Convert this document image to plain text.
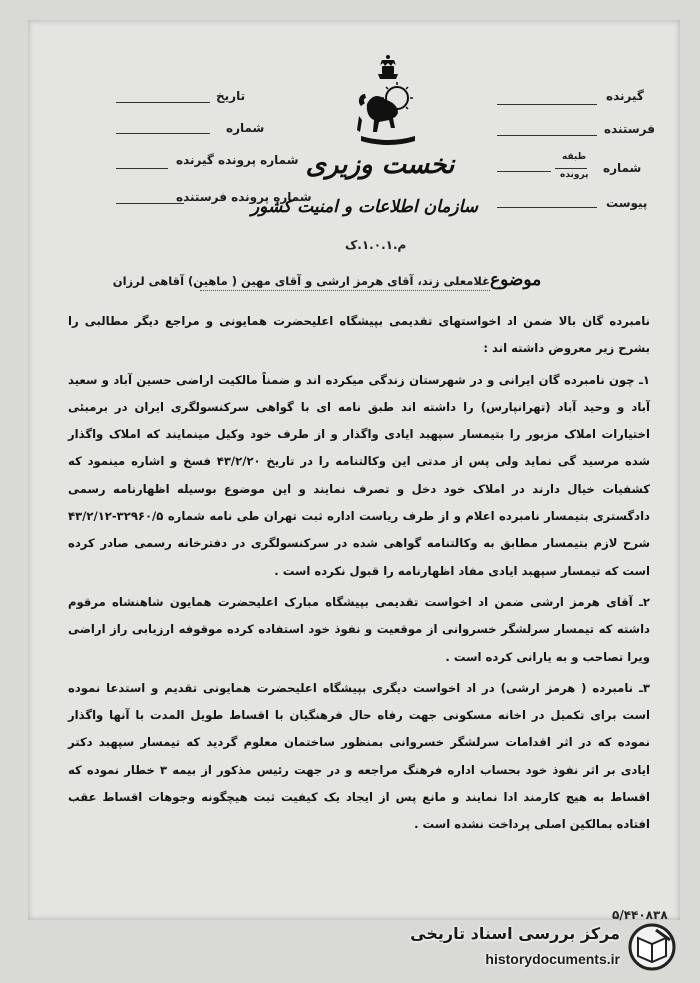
تاریخ
شماره
شماره پرونده گیرنده
شماره پرونده فرستنده
گیرنده
فرستنده
طبقه
پرونده شماره
پیوست
نخست وزیری
سازمان اطلاعات و امنیت کشور
م.۱.۰.۱.ک
موضوع
غلامعلی زند، آقای هرمز ارشی و آقای مهین ( ماهین) آقاهی لرزان

نامبرده گان بالا ضمن اد اخواستهای تقدیمی بپیشگاه اعلیحضرت همایونی و مراجع دیگر مطالبی را بشرح زیر معروض داشته اند :

۱ـ چون نامبرده گان ایرانی و در شهرستان زندگی میکرده اند و ضمناً مالکیت اراضی حسین آباد و سعید آباد و وحید آباد (تهرانپارس) را داشته اند طبق نامه ای با گواهی سرکنسولگری ایران در برمبئی اختیارات املاک مزبور را بتیمسار سپهبد ایادی واگذار و از طرف خود وکیل مینمایند که املاک واگذار شده مرسید گی نماید ولی پس از مدتی این وکالتنامه را در تاریخ ۴۳/۲/۲۰ فسخ و اشاره مینمود که کشفیات خیال دارند در املاک خود دخل و تصرف نمایند و این موضوع بوسیله اظهارنامه رسمی دادگستری بتیمسار نامبرده اعلام و از طرف ریاست اداره ثبت تهران طی نامه شماره ۳۲۹۶۰/۵-۴۳/۲/۱۲ شرح لازم بتیمسار مطابق به وکالتنامه گواهی شده در سرکنسولگری در دفترخانه رسمی صادر کرده است که تیمسار سپهبد ایادی مفاد اظهارنامه را قبول نکرده است .

۲ـ آقای هرمز ارشی ضمن اد اخواست تقدیمی بپیشگاه مبارک اعلیحضرت همایون شاهنشاه مرقوم داشته که تیمسار سرلشگر خسروانی از موقعیت و نفوذ خود استفاده کرده موقوفه ارزیابی راز اراضی ویرا تصاحب و به یارانی کرده است .

۳ـ نامبرده ( هرمز ارشی) در اد اخواست دیگری بپیشگاه اعلیحضرت همایونی تقدیم و استدعا نموده است برای تکمیل در اخانه مسکونی جهت رفاه حال فرهنگیان با اقساط طویل المدت با آنها واگذار نموده که در اثر اقدامات سرلشگر خسروانی بمنظور ساختمان معلوم گردید که تیمسار سپهبد دکتر ایادی بر اثر نفوذ خود بحساب اداره فرهنگ مراجعه و در جهت رئیس مذکور از بیمه ۳ خطار نموده که اقساط به هیچ کارمند ادا نمایند و مانع پس از ایجاد یک کیفیت ثبت هیچگونه وجوهات اقساط عقب افتاده بمالکین اصلی پرداخت نشده است .

۵/۴۴۰۸۳۸
مرکز بررسی اسناد تاریخی
historydocuments.ir
